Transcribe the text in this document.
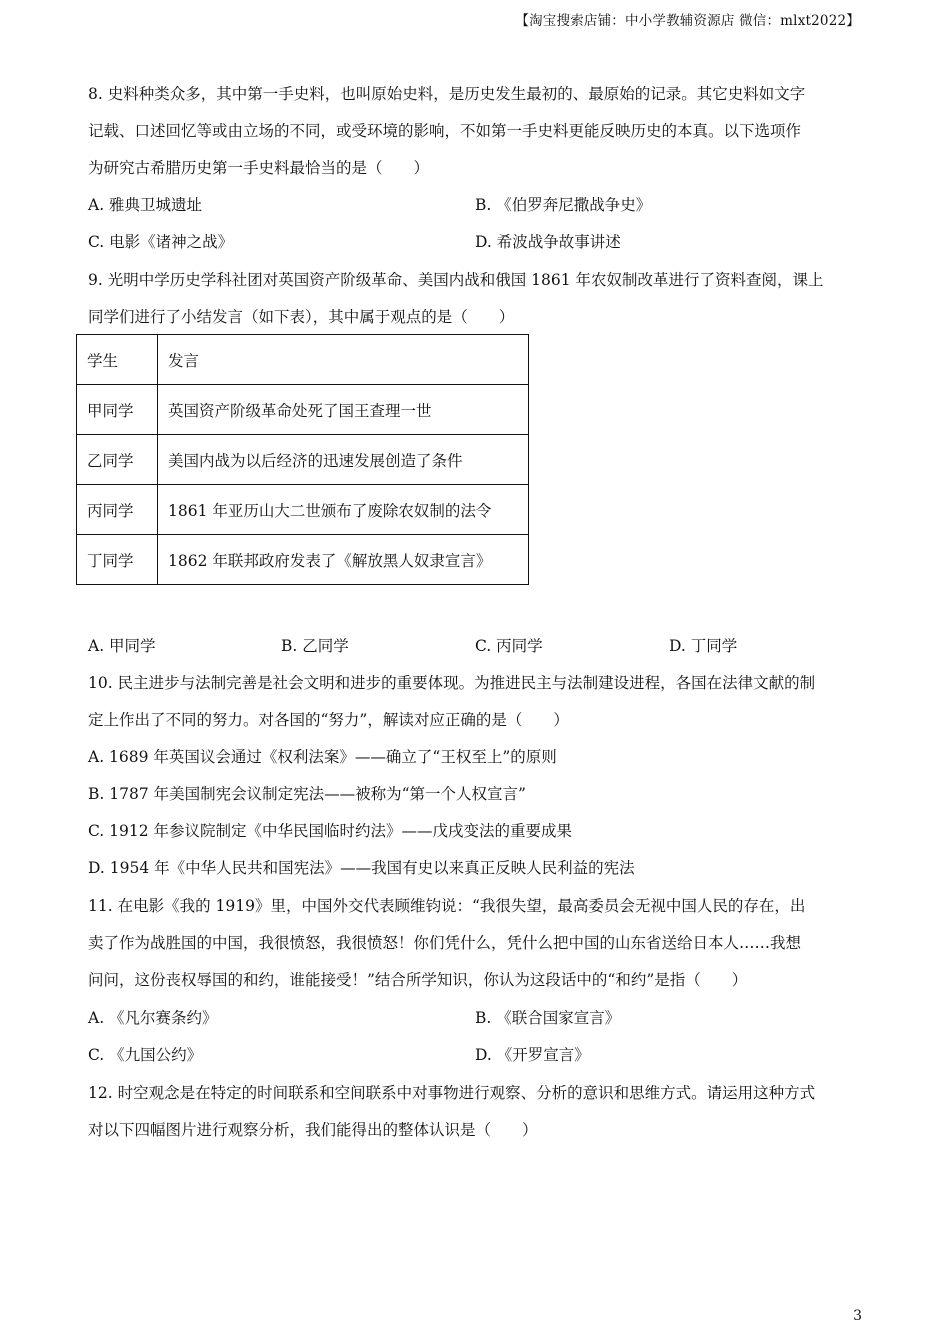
【淘宝搜索店铺：中小学教辅资源店 微信：mlxt2022】
8. 史料种类众多，其中第一手史料，也叫原始史料，是历史发生最初的、最原始的记录。其它史料如文字
记载、口述回忆等或由立场的不同，或受环境的影响，不如第一手史料更能反映历史的本真。以下选项作
为研究古希腊历史第一手史料最恰当的是（　　）
A. 雅典卫城遗址	B. 《伯罗奔尼撒战争史》
C. 电影《诸神之战》	D. 希波战争故事讲述
9. 光明中学历史学科社团对英国资产阶级革命、美国内战和俄国 1861 年农奴制改革进行了资料查阅，课上
同学们进行了小结发言（如下表），其中属于观点的是（　　）
学生	发言
甲同学	英国资产阶级革命处死了国王查理一世
乙同学	美国内战为以后经济的迅速发展创造了条件
丙同学	1861 年亚历山大二世颁布了废除农奴制的法令
丁同学	1862 年联邦政府发表了《解放黑人奴隶宣言》
A. 甲同学	B. 乙同学	C. 丙同学	D. 丁同学
10. 民主进步与法制完善是社会文明和进步的重要体现。为推进民主与法制建设进程，各国在法律文献的制
定上作出了不同的努力。对各国的“努力”，解读对应正确的是（　　）
A. 1689 年英国议会通过《权利法案》——确立了“王权至上”的原则
B. 1787 年美国制宪会议制定宪法——被称为“第一个人权宣言”
C. 1912 年参议院制定《中华民国临时约法》——戊戌变法的重要成果
D. 1954 年《中华人民共和国宪法》——我国有史以来真正反映人民利益的宪法
11. 在电影《我的 1919》里，中国外交代表顾维钧说：“我很失望，最高委员会无视中国人民的存在，出
卖了作为战胜国的中国，我很愤怒，我很愤怒！你们凭什么，凭什么把中国的山东省送给日本人……我想
问问，这份丧权辱国的和约，谁能接受！”结合所学知识，你认为这段话中的“和约”是指（　　）
A. 《凡尔赛条约》	B. 《联合国家宣言》
C. 《九国公约》	D. 《开罗宣言》
12. 时空观念是在特定的时间联系和空间联系中对事物进行观察、分析的意识和思维方式。请运用这种方式
对以下四幅图片进行观察分析，我们能得出的整体认识是（　　）
3
